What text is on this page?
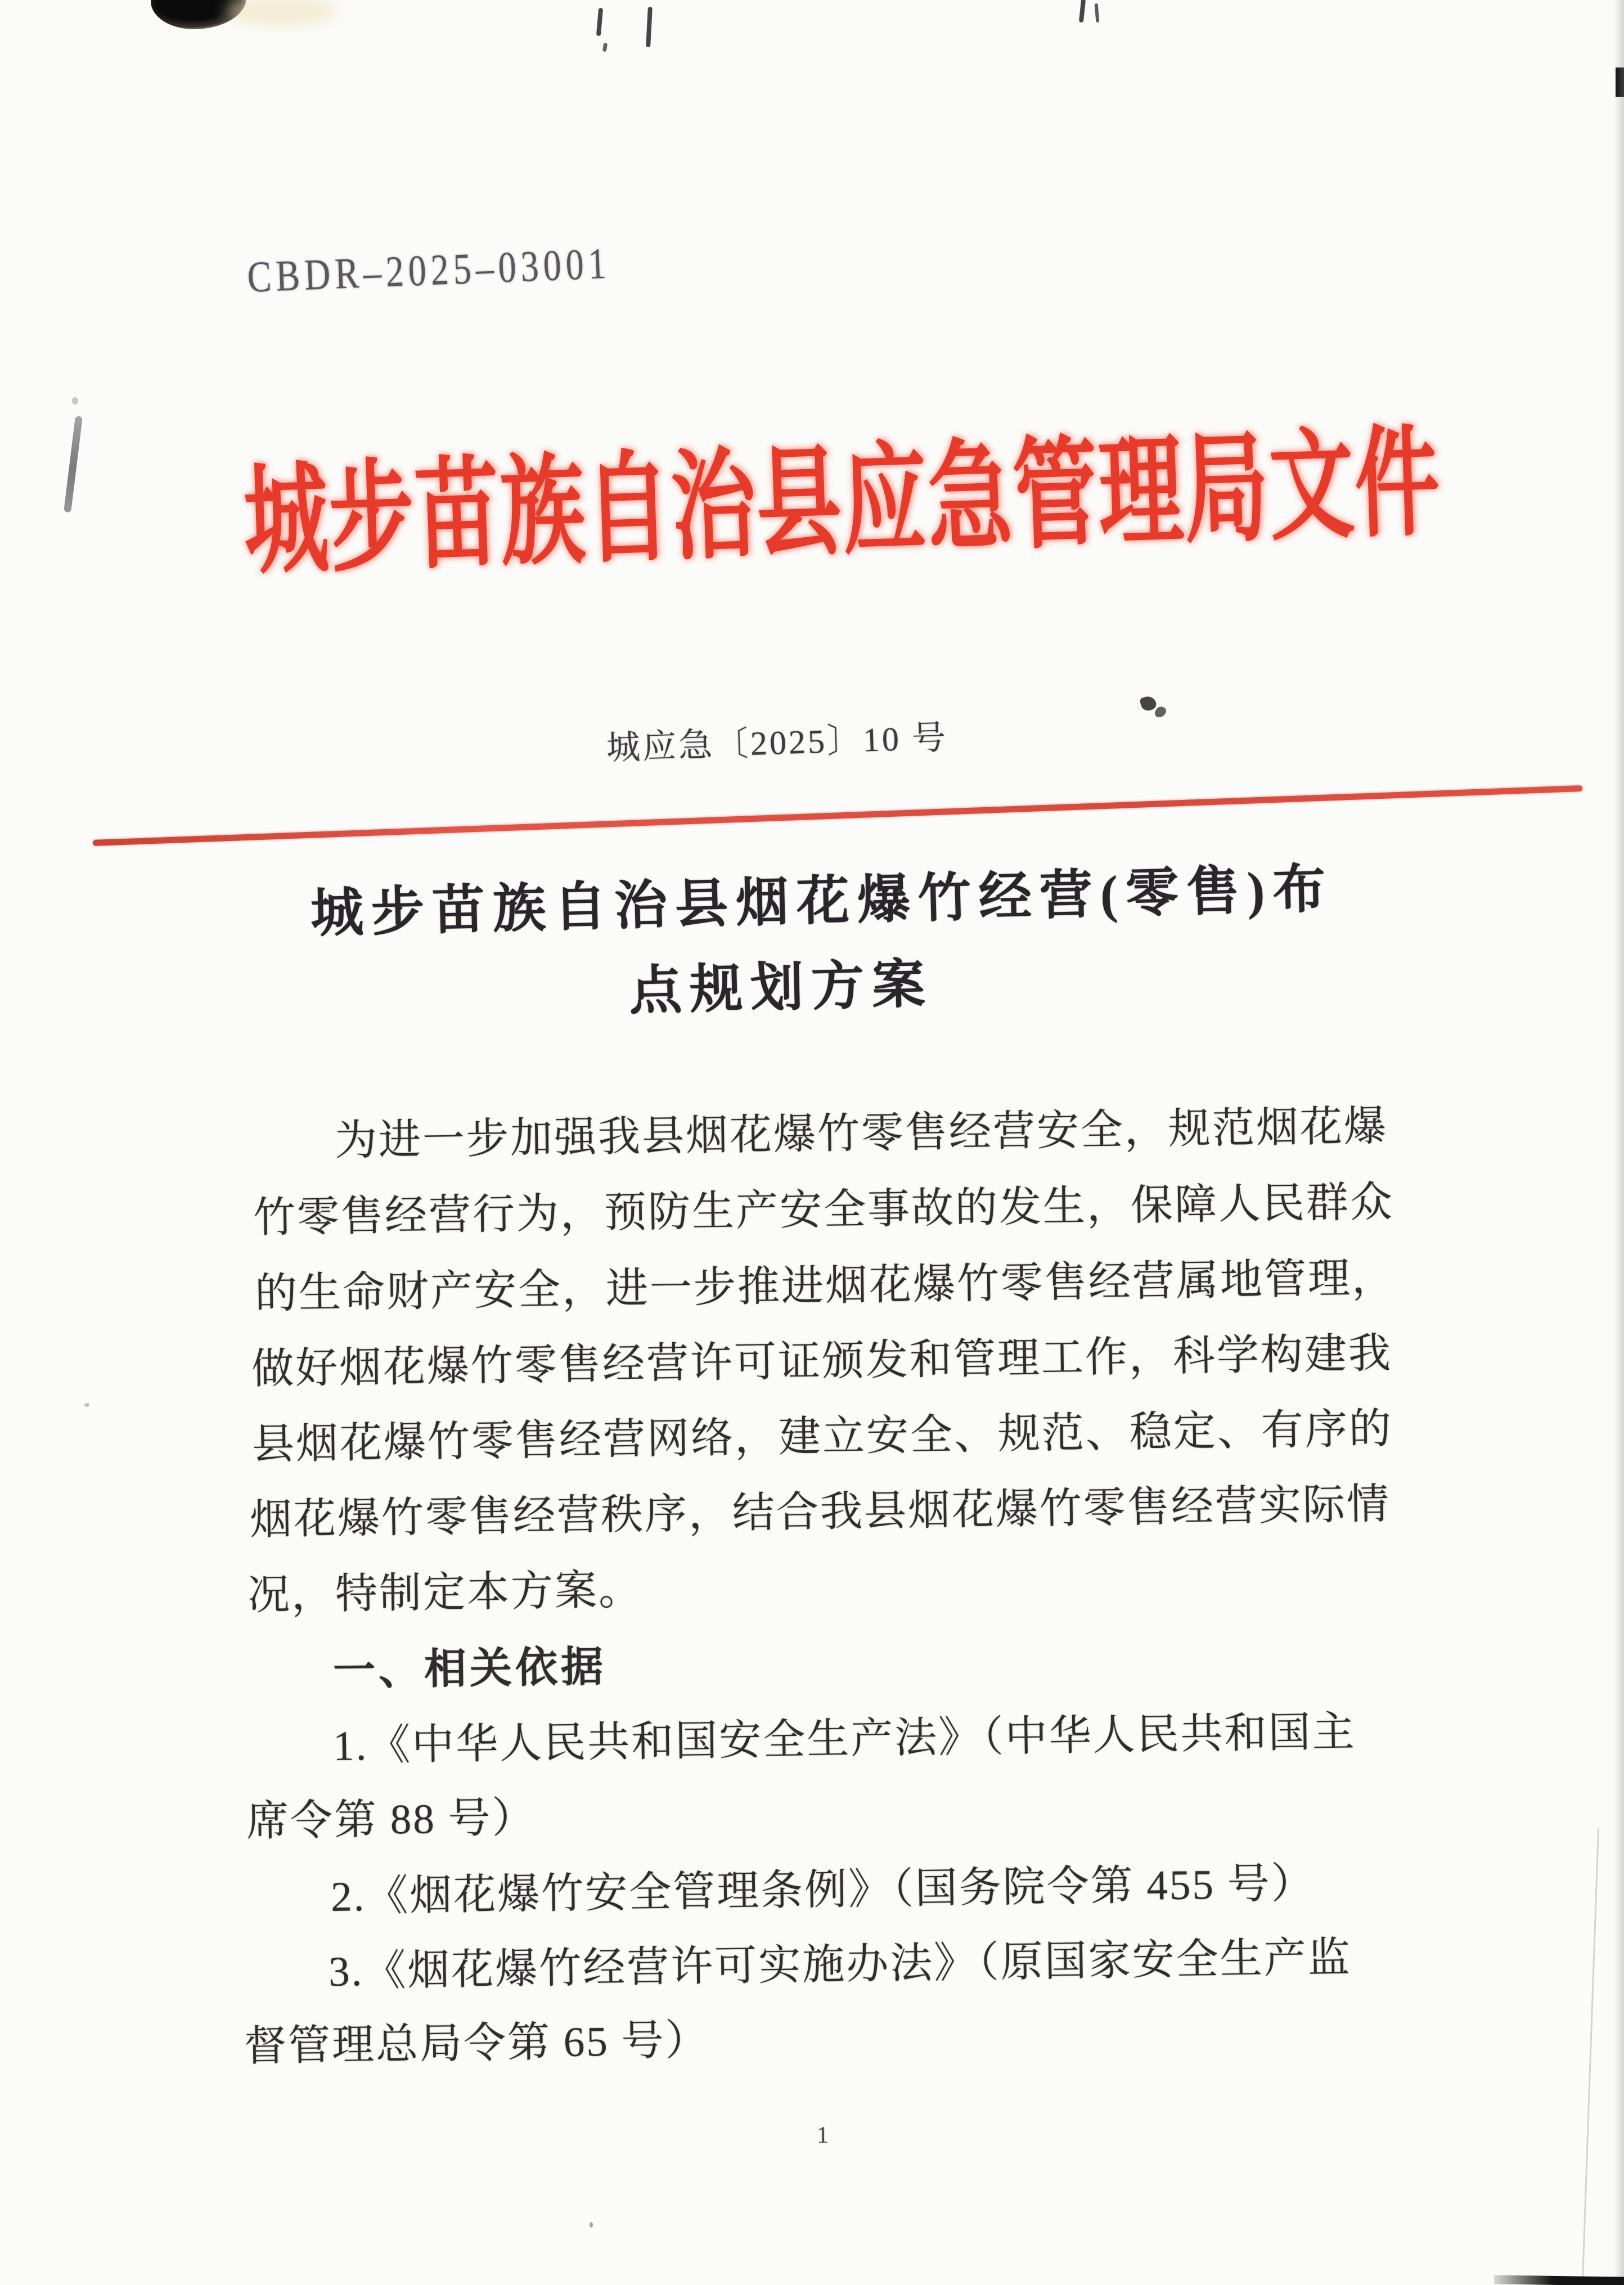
CBDR–2025–03001
城步苗族自治县应急管理局文件
城应急〔2025〕10 号
城步苗族自治县烟花爆竹经营(零售)布
点规划方案
为进一步加强我县烟花爆竹零售经营安全，规范烟花爆
竹零售经营行为，预防生产安全事故的发生，保障人民群众
的生命财产安全，进一步推进烟花爆竹零售经营属地管理，
做好烟花爆竹零售经营许可证颁发和管理工作，科学构建我
县烟花爆竹零售经营网络，建立安全、规范、稳定、有序的
烟花爆竹零售经营秩序，结合我县烟花爆竹零售经营实际情
况，特制定本方案。
一、相关依据
1.《中华人民共和国安全生产法》（中华人民共和国主
席令第 88 号）
2.《烟花爆竹安全管理条例》（国务院令第 455 号）
3.《烟花爆竹经营许可实施办法》（原国家安全生产监
督管理总局令第 65 号）
1
